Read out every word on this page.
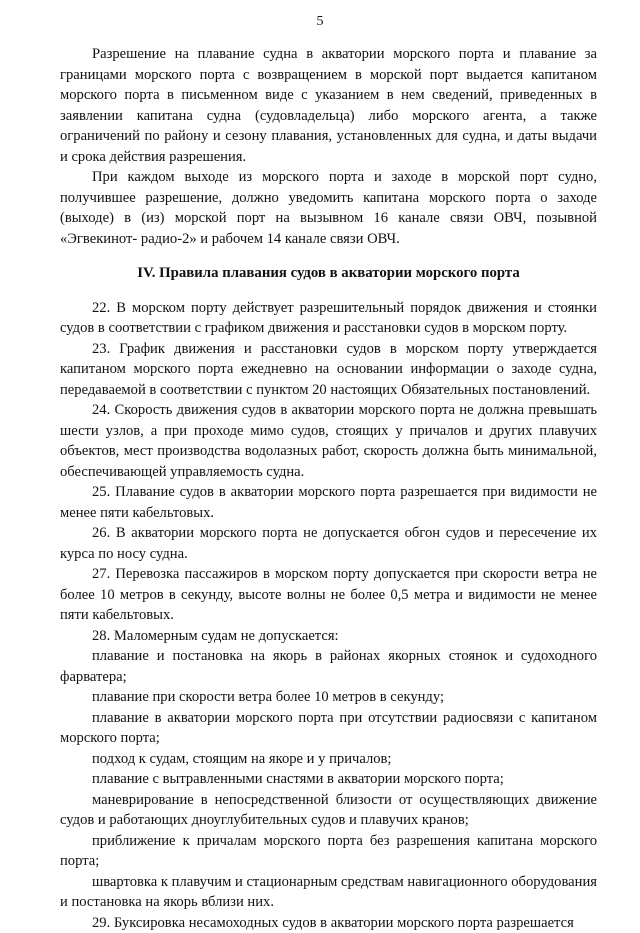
5

Разрешение на плавание судна в акватории морского порта и плавание за границами морского порта с возвращением в морской порт выдается капитаном морского порта в письменном виде с указанием в нем сведений, приведенных в заявлении капитана судна (судовладельца) либо морского агента, а также ограничений по району и сезону плавания, установленных для судна, и даты выдачи и срока действия разрешения.

При каждом выходе из морского порта и заходе в морской порт судно, получившее разрешение, должно уведомить капитана морского порта о заходе (выходе) в (из) морской порт на вызывном 16 канале связи ОВЧ, позывной «Эгвекинот- радио-2» и рабочем 14 канале связи ОВЧ.

IV. Правила плавания судов в акватории морского порта

22. В морском порту действует разрешительный порядок движения и стоянки судов в соответствии с графиком движения и расстановки судов в морском порту.

23. График движения и расстановки судов в морском порту утверждается капитаном морского порта ежедневно на основании информации о заходе судна, передаваемой в соответствии с пунктом 20 настоящих Обязательных постановлений.

24. Скорость движения судов в акватории морского порта не должна превышать шести узлов, а при проходе мимо судов, стоящих у причалов и других плавучих объектов, мест производства водолазных работ, скорость должна быть минимальной, обеспечивающей управляемость судна.

25. Плавание судов в акватории морского порта разрешается при видимости не менее пяти кабельтовых.

26. В акватории морского порта не допускается обгон судов и пересечение их курса по носу судна.

27. Перевозка пассажиров в морском порту допускается при скорости ветра не более 10 метров в секунду, высоте волны не более 0,5 метра и видимости не менее пяти кабельтовых.

28. Маломерным судам не допускается:

плавание и постановка на якорь в районах якорных стоянок и судоходного фарватера;

плавание при скорости ветра более 10 метров в секунду;

плавание в акватории морского порта при отсутствии радиосвязи с капитаном морского порта;

подход к судам, стоящим на якоре и у причалов;

плавание с вытравленными снастями в акватории морского порта;

маневрирование в непосредственной близости от осуществляющих движение судов и работающих дноуглубительных судов и плавучих кранов;

приближение к причалам морского порта без разрешения капитана морского порта;

швартовка к плавучим и стационарным средствам навигационного оборудования и постановка на якорь вблизи них.

29. Буксировка несамоходных судов в акватории морского порта разрешается
